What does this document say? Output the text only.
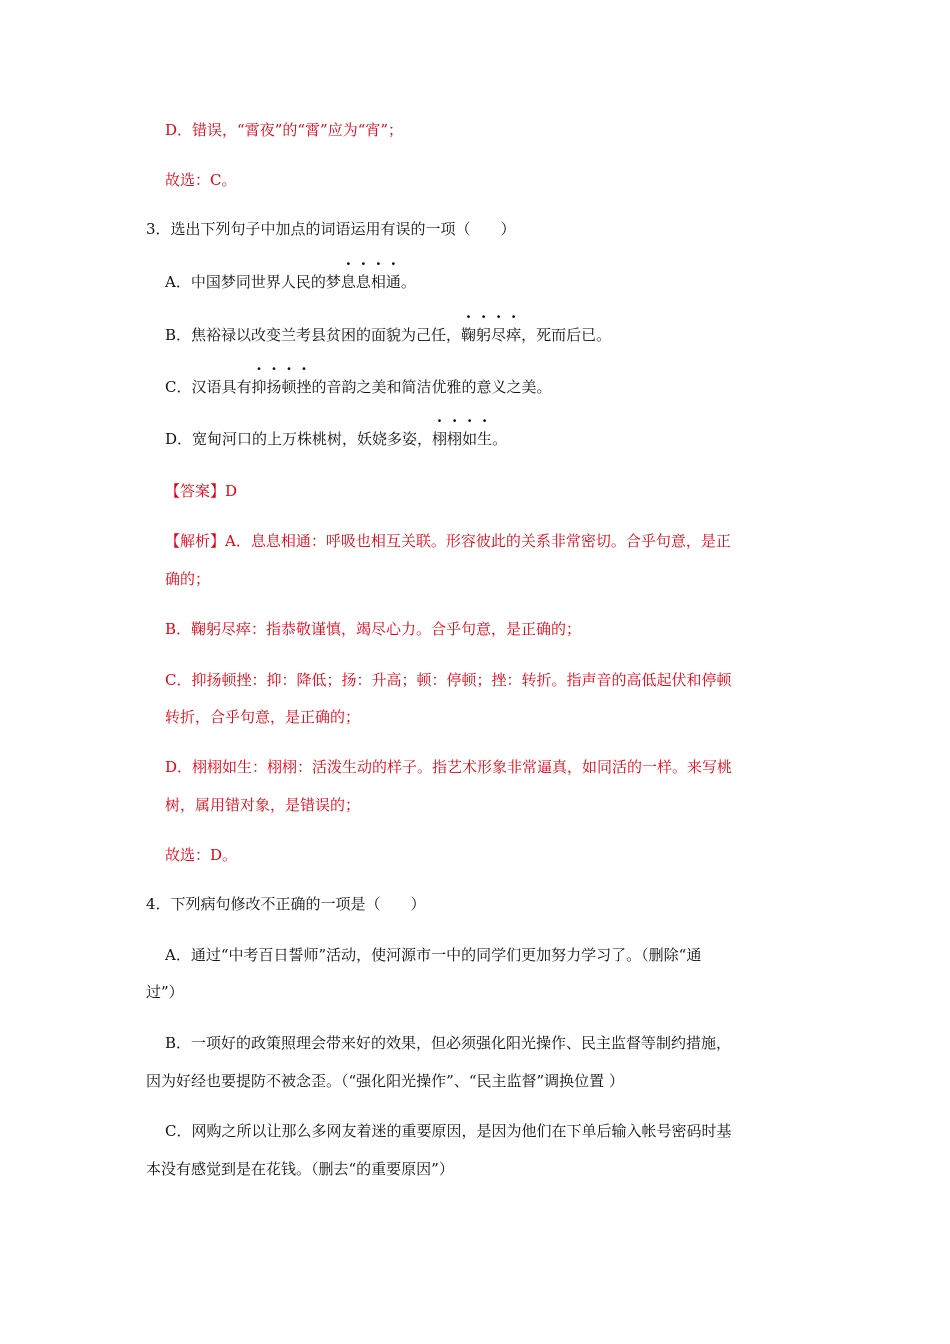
D．错误，“霄夜”的“霄”应为“宵”；
故选：C。
3．选出下列句子中加点的词语运用有误的一项（　　）
A．中国梦同世界人民的梦息息相通。
B．焦裕禄以改变兰考县贫困的面貌为己任，鞠躬尽瘁，死而后已。
C．汉语具有抑扬顿挫的音韵之美和简洁优雅的意义之美。
D．宽甸河口的上万株桃树，妖娆多姿，栩栩如生。
【答案】D
【解析】A．息息相通：呼吸也相互关联。形容彼此的关系非常密切。合乎句意，是正
确的；
B．鞠躬尽瘁：指恭敬谨慎，竭尽心力。合乎句意，是正确的；
C．抑扬顿挫：抑：降低；扬：升高；顿：停顿；挫：转折。指声音的高低起伏和停顿
转折，合乎句意，是正确的；
D．栩栩如生：栩栩：活泼生动的样子。指艺术形象非常逼真，如同活的一样。来写桃
树，属用错对象，是错误的；
故选：D。
4．下列病句修改不正确的一项是（　　）
A．通过“中考百日誓师”活动，使河源市一中的同学们更加努力学习了。（删除“通
过”）
B．一项好的政策照理会带来好的效果，但必须强化阳光操作、民主监督等制约措施，
因为好经也要提防不被念歪。（“强化阳光操作”、“民主监督”调换位置 ）
C．网购之所以让那么多网友着迷的重要原因，是因为他们在下单后输入帐号密码时基
本没有感觉到是在花钱。（删去“的重要原因”）
